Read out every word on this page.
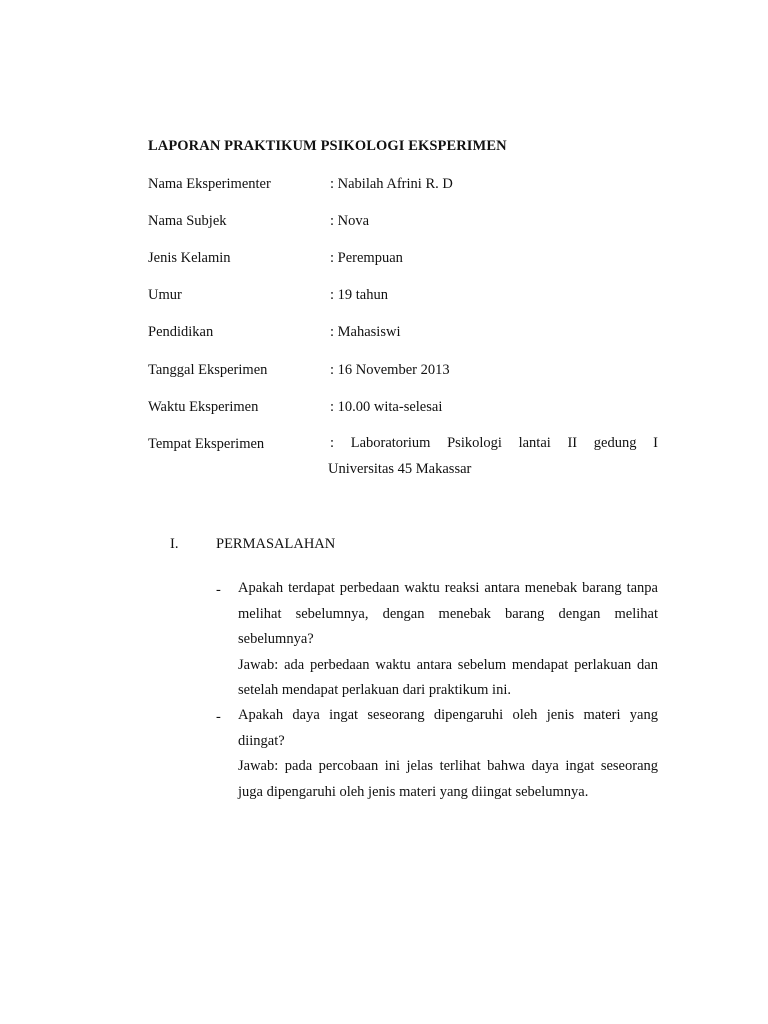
LAPORAN PRAKTIKUM PSIKOLOGI EKSPERIMEN
Nama Eksperimenter	: Nabilah Afrini R. D
Nama Subjek	: Nova
Jenis Kelamin	: Perempuan
Umur	: 19 tahun
Pendidikan	: Mahasiswi
Tanggal Eksperimen	: 16 November 2013
Waktu Eksperimen	: 10.00 wita-selesai
Tempat Eksperimen	: Laboratorium Psikologi lantai II gedung I
Universitas 45 Makassar
I.	PERMASALAHAN
- Apakah terdapat perbedaan waktu reaksi antara menebak barang tanpa melihat sebelumnya, dengan menebak barang dengan melihat sebelumnya?

Jawab: ada perbedaan waktu antara sebelum mendapat perlakuan dan setelah mendapat perlakuan dari praktikum ini.

- Apakah daya ingat seseorang dipengaruhi oleh jenis materi yang diingat?

Jawab: pada percobaan ini jelas terlihat bahwa daya ingat seseorang juga dipengaruhi oleh jenis materi yang diingat sebelumnya.
